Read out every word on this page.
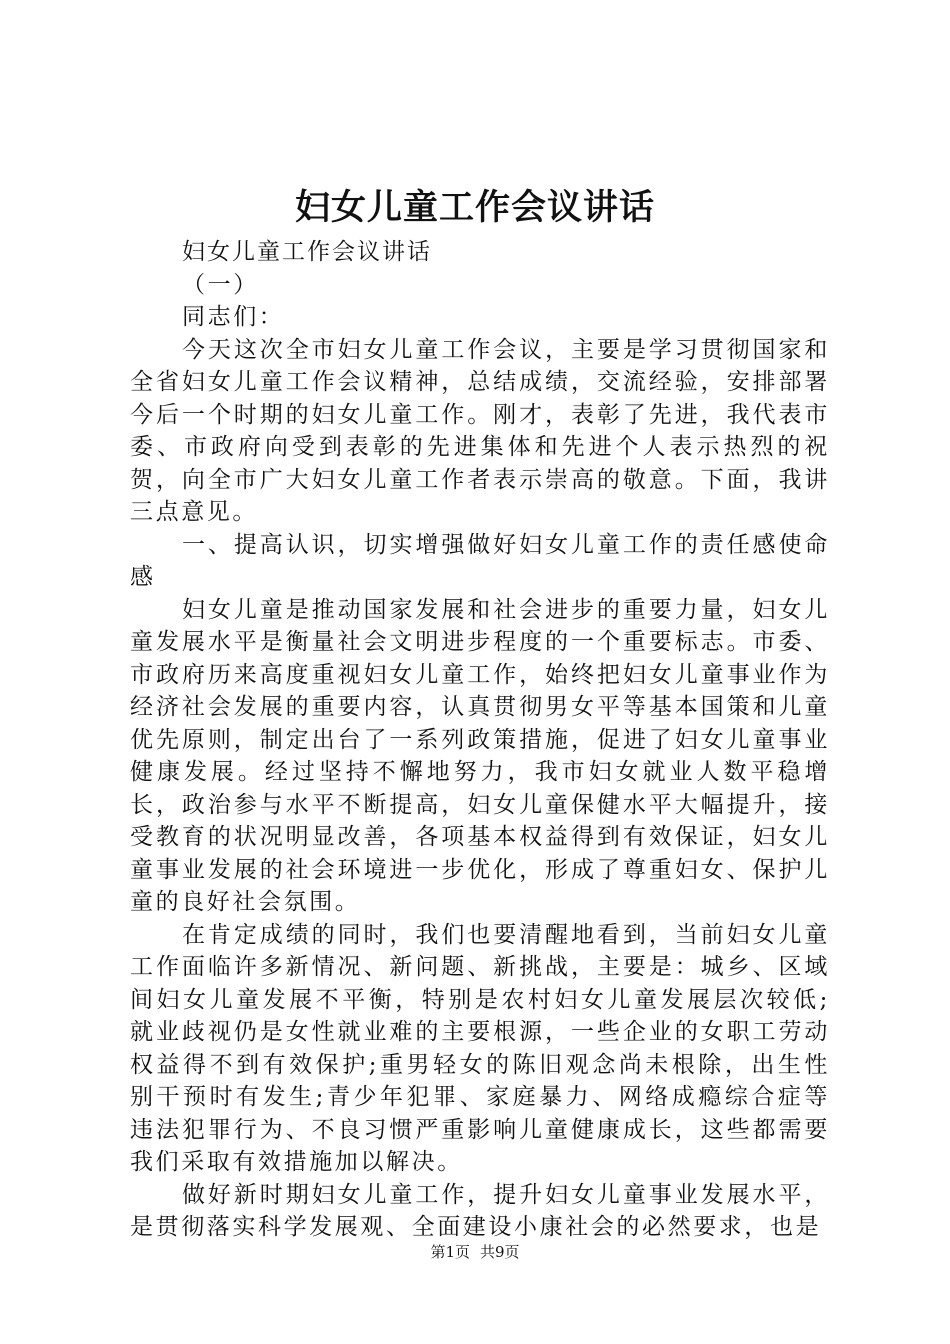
妇女儿童工作会议讲话

妇女儿童工作会议讲话

（一）

同志们：

今天这次全市妇女儿童工作会议，主要是学习贯彻国家和全省妇女儿童工作会议精神，总结成绩，交流经验，安排部署今后一个时期的妇女儿童工作。刚才，表彰了先进，我代表市委、市政府向受到表彰的先进集体和先进个人表示热烈的祝贺，向全市广大妇女儿童工作者表示崇高的敬意。下面，我讲三点意见。

一、提高认识，切实增强做好妇女儿童工作的责任感使命感

妇女儿童是推动国家发展和社会进步的重要力量，妇女儿童发展水平是衡量社会文明进步程度的一个重要标志。市委、市政府历来高度重视妇女儿童工作，始终把妇女儿童事业作为经济社会发展的重要内容，认真贯彻男女平等基本国策和儿童优先原则，制定出台了一系列政策措施，促进了妇女儿童事业健康发展。经过坚持不懈地努力，我市妇女就业人数平稳增长，政治参与水平不断提高，妇女儿童保健水平大幅提升，接受教育的状况明显改善，各项基本权益得到有效保证，妇女儿童事业发展的社会环境进一步优化，形成了尊重妇女、保护儿童的良好社会氛围。

在肯定成绩的同时，我们也要清醒地看到，当前妇女儿童工作面临许多新情况、新问题、新挑战，主要是：城乡、区域间妇女儿童发展不平衡，特别是农村妇女儿童发展层次较低;就业歧视仍是女性就业难的主要根源，一些企业的女职工劳动权益得不到有效保护;重男轻女的陈旧观念尚未根除，出生性别干预时有发生;青少年犯罪、家庭暴力、网络成瘾综合症等违法犯罪行为、不良习惯严重影响儿童健康成长，这些都需要我们采取有效措施加以解决。

做好新时期妇女儿童工作，提升妇女儿童事业发展水平，是贯彻落实科学发展观、全面建设小康社会的必然要求，也是

第1页 共9页
